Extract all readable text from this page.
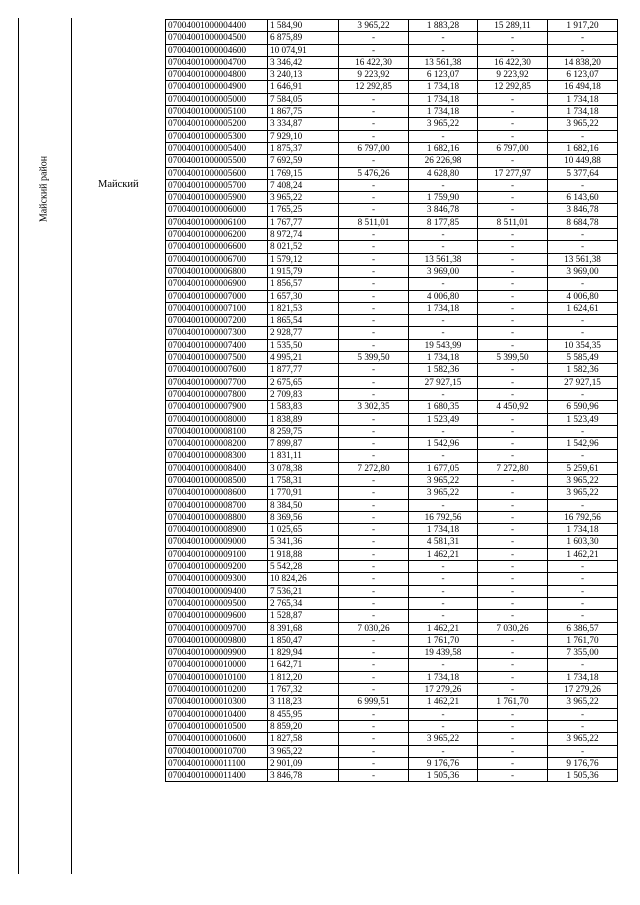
Майский район	Майский
07004001000004400	1 584,90	3 965,22	1 883,28	15 289,11	1 917,20
07004001000004500	6 875,89	-	-	-	-
07004001000004600	10 074,91	-	-	-	-
07004001000004700	3 346,42	16 422,30	13 561,38	16 422,30	14 838,20
07004001000004800	3 240,13	9 223,92	6 123,07	9 223,92	6 123,07
07004001000004900	1 646,91	12 292,85	1 734,18	12 292,85	16 494,18
07004001000005000	7 584,05	-	1 734,18	-	1 734,18
07004001000005100	1 867,75	-	1 734,18	-	1 734,18
07004001000005200	3 334,87	-	3 965,22	-	3 965,22
07004001000005300	7 929,10	-	-	-	-
07004001000005400	1 875,37	6 797,00	1 682,16	6 797,00	1 682,16
07004001000005500	7 692,59	-	26 226,98	-	10 449,88
07004001000005600	1 769,15	5 476,26	4 628,80	17 277,97	5 377,64
07004001000005700	7 408,24	-	-	-	-
07004001000005900	3 965,22	-	1 759,90	-	6 143,60
07004001000006000	1 765,25	-	3 846,78	-	3 846,78
07004001000006100	1 767,77	8 511,01	8 177,85	8 511,01	8 684,78
07004001000006200	8 972,74	-	-	-	-
07004001000006600	8 021,52	-	-	-	-
07004001000006700	1 579,12	-	13 561,38	-	13 561,38
07004001000006800	1 915,79	-	3 969,00	-	3 969,00
07004001000006900	1 856,57	-	-	-	-
07004001000007000	1 657,30	-	4 006,80	-	4 006,80
07004001000007100	1 821,53	-	1 734,18	-	1 624,61
07004001000007200	1 865,54	-	-	-	-
07004001000007300	2 928,77	-	-	-	-
07004001000007400	1 535,50	-	19 543,99	-	10 354,35
07004001000007500	4 995,21	5 399,50	1 734,18	5 399,50	5 585,49
07004001000007600	1 877,77	-	1 582,36	-	1 582,36
07004001000007700	2 675,65	-	27 927,15	-	27 927,15
07004001000007800	2 709,83	-	-	-	-
07004001000007900	1 583,83	3 302,35	1 680,35	4 450,92	6 590,96
07004001000008000	1 838,89	-	1 523,49	-	1 523,49
07004001000008100	8 259,75	-	-	-	-
07004001000008200	7 899,87	-	1 542,96	-	1 542,96
07004001000008300	1 831,11	-	-	-	-
07004001000008400	3 078,38	7 272,80	1 677,05	7 272,80	5 259,61
07004001000008500	1 758,31	-	3 965,22	-	3 965,22
07004001000008600	1 770,91	-	3 965,22	-	3 965,22
07004001000008700	8 384,50	-	-	-	-
07004001000008800	8 369,56	-	16 792,56	-	16 792,56
07004001000008900	1 025,65	-	1 734,18	-	1 734,18
07004001000009000	5 341,36	-	4 581,31	-	1 603,30
07004001000009100	1 918,88	-	1 462,21	-	1 462,21
07004001000009200	5 542,28	-	-	-	-
07004001000009300	10 824,26	-	-	-	-
07004001000009400	7 536,21	-	-	-	-
07004001000009500	2 765,34	-	-	-	-
07004001000009600	1 528,87	-	-	-	-
07004001000009700	8 391,68	7 030,26	1 462,21	7 030,26	6 386,57
07004001000009800	1 850,47	-	1 761,70	-	1 761,70
07004001000009900	1 829,94	-	19 439,58	-	7 355,00
07004001000010000	1 642,71	-	-	-	-
07004001000010100	1 812,20	-	1 734,18	-	1 734,18
07004001000010200	1 767,32	-	17 279,26	-	17 279,26
07004001000010300	3 118,23	6 999,51	1 462,21	1 761,70	3 965,22
07004001000010400	8 455,95	-	-	-	-
07004001000010500	8 859,20	-	-	-	-
07004001000010600	1 827,58	-	3 965,22	-	3 965,22
07004001000010700	3 965,22	-	-	-	-
07004001000011100	2 901,09	-	9 176,76	-	9 176,76
07004001000011400	3 846,78	-	1 505,36	-	1 505,36
